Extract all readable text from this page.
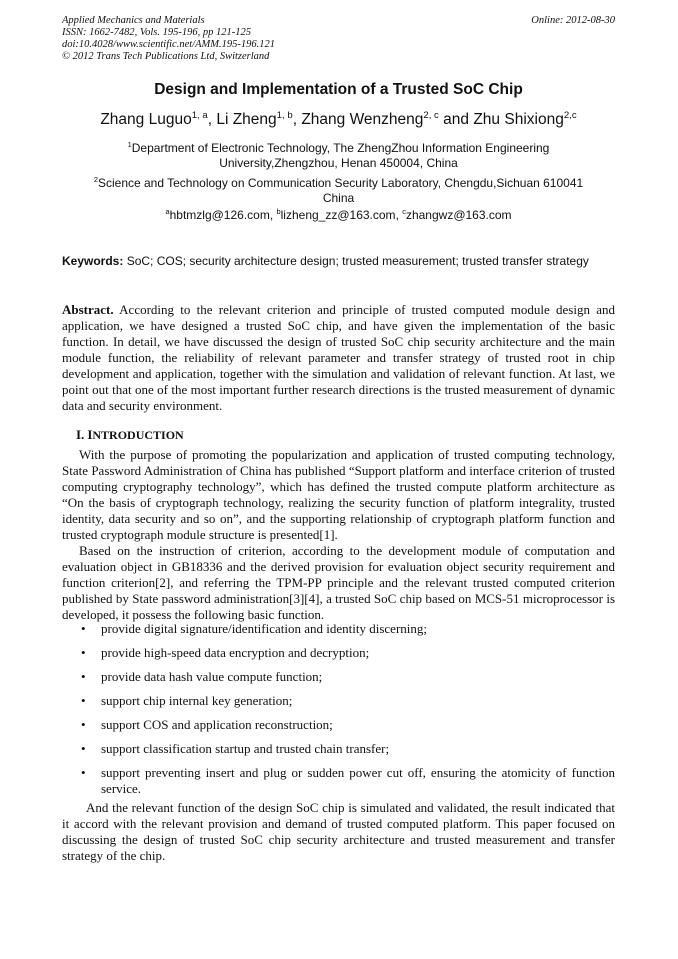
Applied Mechanics and Materials
ISSN: 1662-7482, Vols. 195-196, pp 121-125
doi:10.4028/www.scientific.net/AMM.195-196.121
© 2012 Trans Tech Publications Ltd, Switzerland
Online: 2012-08-30
Design and Implementation of a Trusted SoC Chip
Zhang Luguo$^{1, a}$, Li Zheng$^{1, b}$, Zhang Wenzheng$^{2, c}$ and Zhu Shixiong$^{2,c}$
$^1$Department of Electronic Technology, The ZhengZhou Information Engineering
University,Zhengzhou, Henan 450004, China
$^2$Science and Technology on Communication Security Laboratory, Chengdu,Sichuan 610041
China
$^a$hbtmzlg@126.com, $^b$lizheng_zz@163.com, $^c$zhangwz@163.com
Keywords: SoC; COS; security architecture design; trusted measurement; trusted transfer strategy
Abstract. According to the relevant criterion and principle of trusted computed module design and application, we have designed a trusted SoC chip, and have given the implementation of the basic function. In detail, we have discussed the design of trusted SoC chip security architecture and the main module function, the reliability of relevant parameter and transfer strategy of trusted root in chip development and application, together with the simulation and validation of relevant function. At last, we point out that one of the most important further research directions is the trusted measurement of dynamic data and security environment.
I. INTRODUCTION

With the purpose of promoting the popularization and application of trusted computing technology, State Password Administration of China has published “Support platform and interface criterion of trusted computing cryptography technology”, which has defined the trusted compute platform architecture as “On the basis of cryptograph technology, realizing the security function of platform integrality, trusted identity, data security and so on”, and the supporting relationship of cryptograph platform function and trusted cryptograph module structure is presented[1].

Based on the instruction of criterion, according to the development module of computation and evaluation object in GB18336 and the derived provision for evaluation object security requirement and function criterion[2], and referring the TPM-PP principle and the relevant trusted computed criterion published by State password administration[3][4], a trusted SoC chip based on MCS-51 microprocessor is developed, it possess the following basic function.

• provide digital signature/identification and identity discerning;
• provide high-speed data encryption and decryption;
• provide data hash value compute function;
• support chip internal key generation;
• support COS and application reconstruction;
• support classification startup and trusted chain transfer;
• support preventing insert and plug or sudden power cut off, ensuring the atomicity of function service.

And the relevant function of the design SoC chip is simulated and validated, the result indicated that it accord with the relevant provision and demand of trusted computed platform. This paper focused on discussing the design of trusted SoC chip security architecture and trusted measurement and transfer strategy of the chip.
